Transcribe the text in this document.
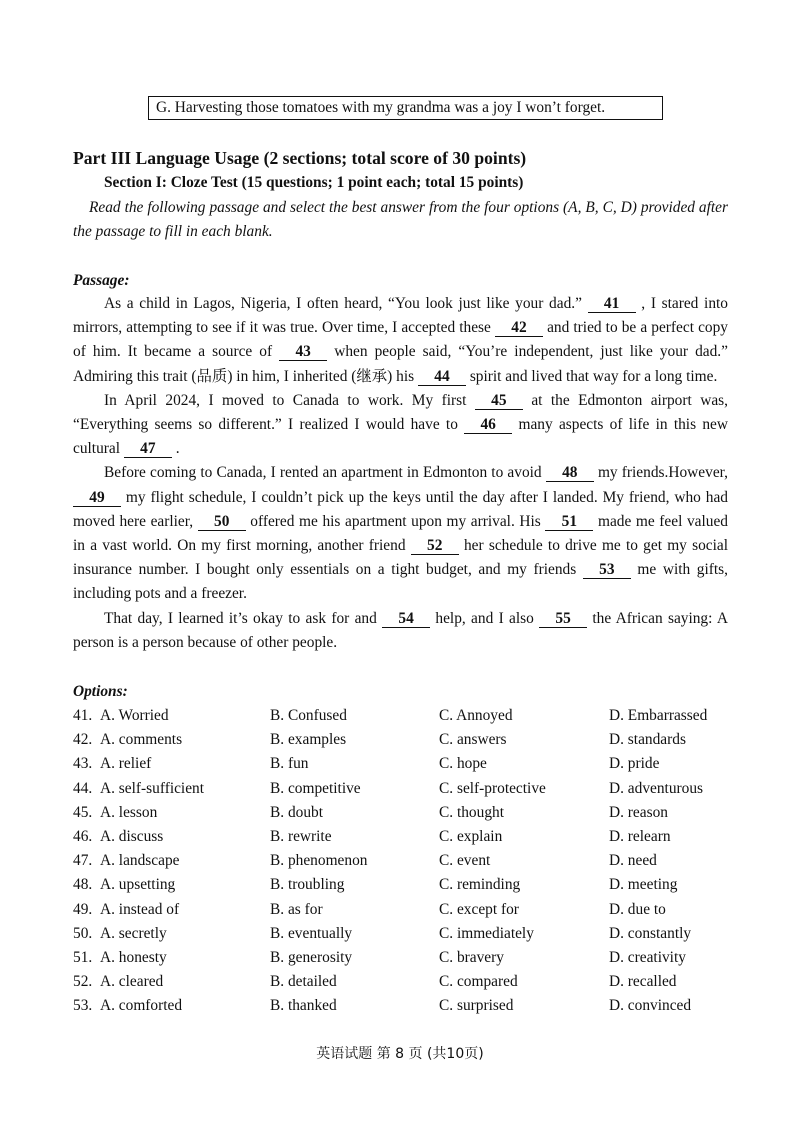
G. Harvesting those tomatoes with my grandma was a joy I won’t forget.
Part III Language Usage (2 sections; total score of 30 points)
Section I: Cloze Test (15 questions; 1 point each; total 15 points)
Read the following passage and select the best answer from the four options (A, B, C, D) provided after the passage to fill in each blank.
Passage:

As a child in Lagos, Nigeria, I often heard, “You look just like your dad.” 41 , I stared into mirrors, attempting to see if it was true. Over time, I accepted these 42 and tried to be a perfect copy of him. It became a source of 43 when people said, “You’re independent, just like your dad.” Admiring this trait (品质) in him, I inherited (继承) his 44 spirit and lived that way for a long time.

In April 2024, I moved to Canada to work. My first 45 at the Edmonton airport was, “Everything seems so different.” I realized I would have to 46 many aspects of life in this new cultural 47 .

Before coming to Canada, I rented an apartment in Edmonton to avoid 48 my friends.However, 49 my flight schedule, I couldn’t pick up the keys until the day after I landed. My friend, who had moved here earlier, 50 offered me his apartment upon my arrival. His 51 made me feel valued in a vast world. On my first morning, another friend 52 her schedule to drive me to get my social insurance number. I bought only essentials on a tight budget, and my friends 53 me with gifts, including pots and a freezer.

That day, I learned it’s okay to ask for and 54 help, and I also 55 the African saying: A person is a person because of other people.

Options:
41. A. Worried	B. Confused	C. Annoyed	D. Embarrassed
42. A. comments	B. examples	C. answers	D. standards
43. A. relief	B. fun	C. hope	D. pride
44. A. self-sufficient	B. competitive	C. self-protective	D. adventurous
45. A. lesson	B. doubt	C. thought	D. reason
46. A. discuss	B. rewrite	C. explain	D. relearn
47. A. landscape	B. phenomenon	C. event	D. need
48. A. upsetting	B. troubling	C. reminding	D. meeting
49. A. instead of	B. as for	C. except for	D. due to
50. A. secretly	B. eventually	C. immediately	D. constantly
51. A. honesty	B. generosity	C. bravery	D. creativity
52. A. cleared	B. detailed	C. compared	D. recalled
53. A. comforted	B. thanked	C. surprised	D. convinced
英语试题 第 8 页 (共10页)
